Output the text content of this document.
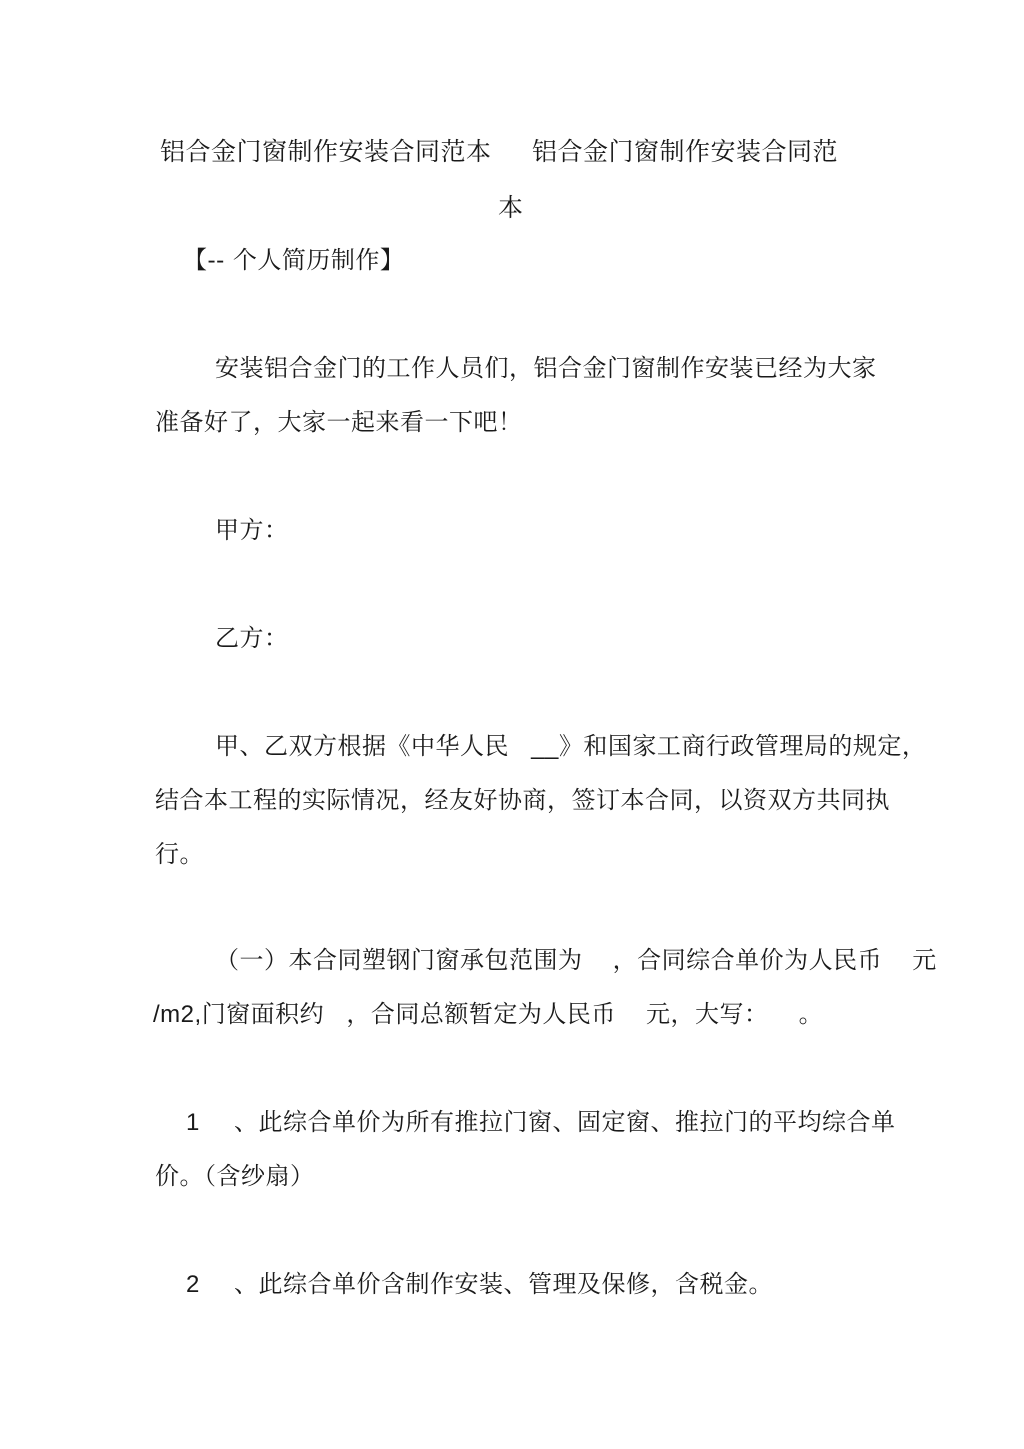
铝合金门窗制作安装合同范本 铝合金门窗制作安装合同范
本
【-- 个人简历制作】
安装铝合金门的工作人员们，铝合金门窗制作安装已经为大家
准备好了，大家一起来看一下吧！
甲方：
乙方：
甲、乙双方根据《中华人民 __》和国家工商行政管理局的规定，
结合本工程的实际情况，经友好协商，签订本合同，以资双方共同执
行。
（一）本合同塑钢门窗承包范围为 ，合同综合单价为人民币 元
/m2,门窗面积约 ，合同总额暂定为人民币 元，大写： 。
1 、此综合单价为所有推拉门窗、固定窗、推拉门的平均综合单
价。（含纱扇）
2 、此综合单价含制作安装、管理及保修，含税金。
